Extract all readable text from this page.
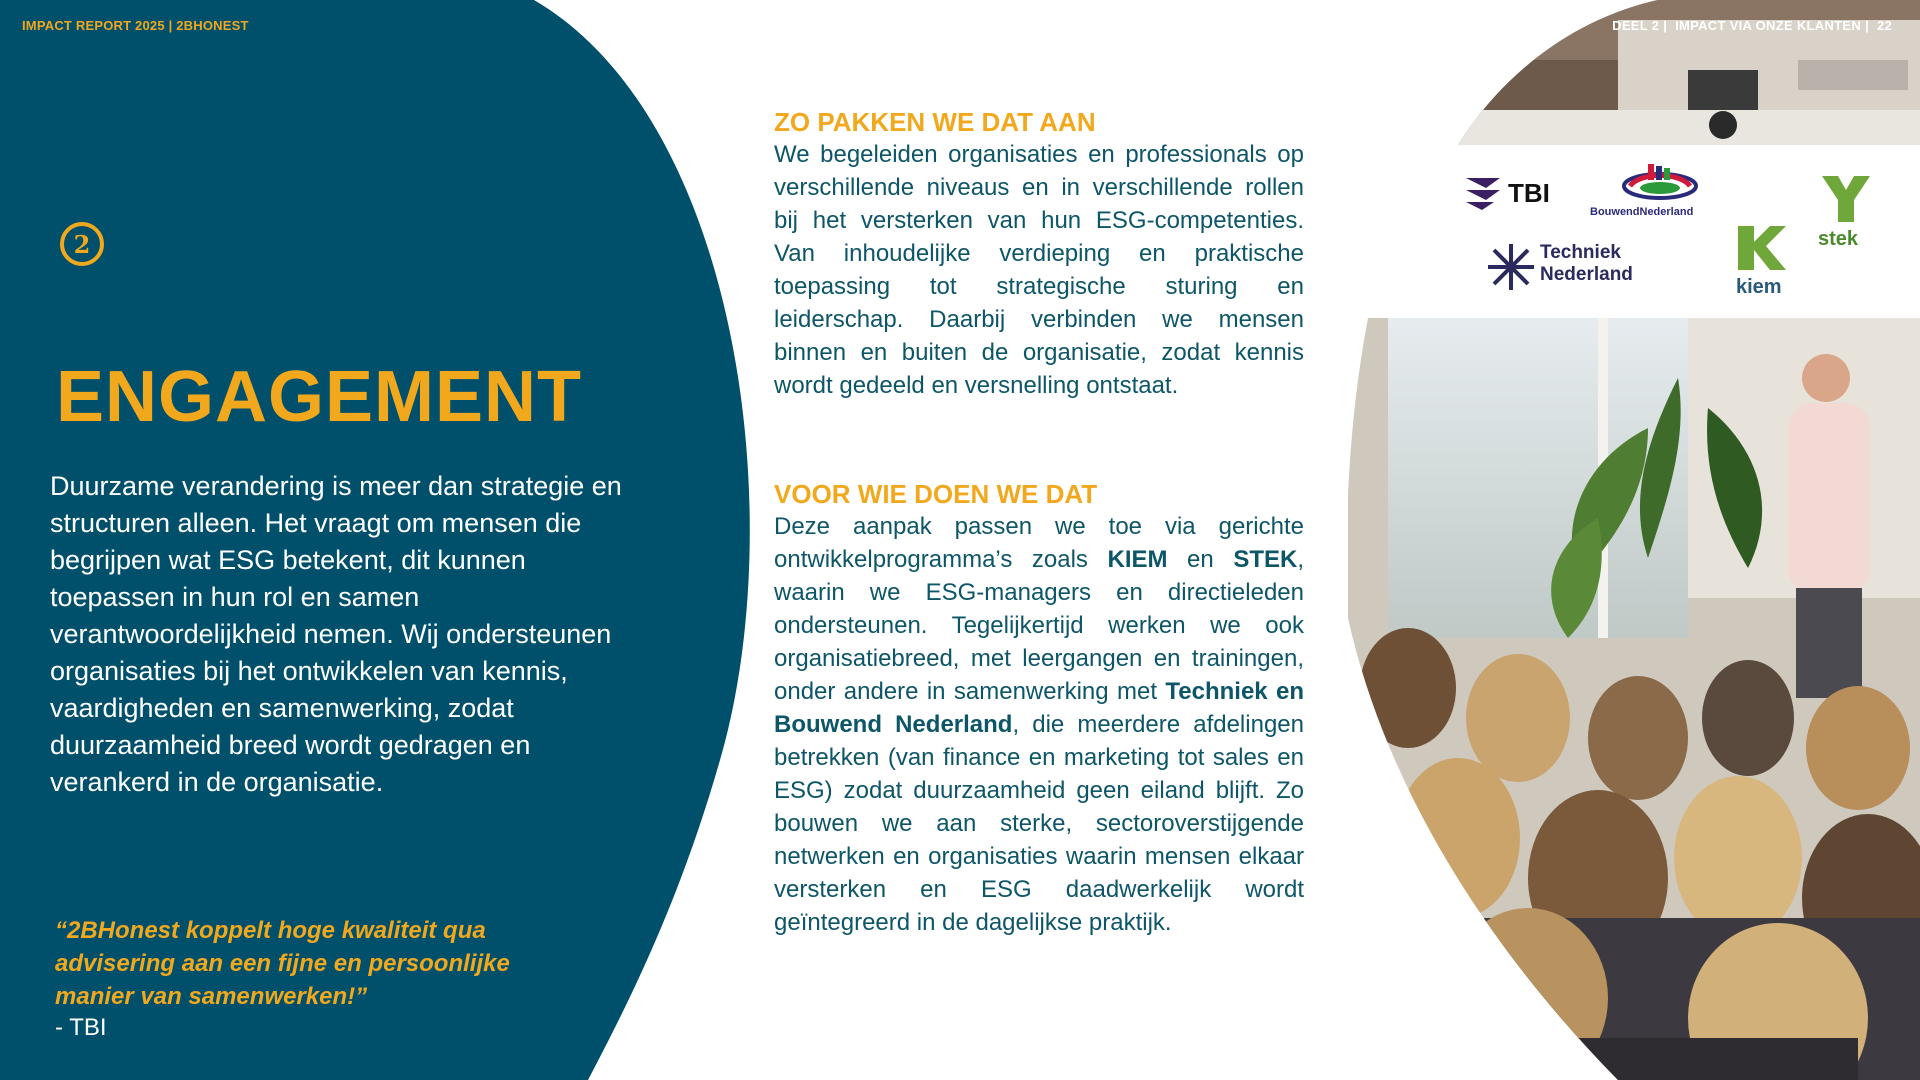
TBI
BouwendNederland
stek
Techniek
Nederland
kiem
IMPACT REPORT 2025 | 2BHONEST	DEEL 2 | IMPACT VIA ONZE KLANTEN | 22
2
ENGAGEMENT
Duurzame verandering is meer dan strategie en structuren alleen. Het vraagt om mensen die begrijpen wat ESG betekent, dit kunnen toepassen in hun rol en samen verantwoordelijkheid nemen. Wij ondersteunen organisaties bij het ontwikkelen van kennis, vaardigheden en samenwerking, zodat duurzaamheid breed wordt gedragen en verankerd in de organisatie.
“2BHonest koppelt hoge kwaliteit qua advisering aan een fijne en persoonlijke manier van samenwerken!”
- TBI
ZO PAKKEN WE DAT AAN

We begeleiden organisaties en professionals op verschillende niveaus en in verschillende rollen bij het versterken van hun ESG-competenties. Van inhoudelijke verdieping en praktische toepassing tot strategische sturing en leiderschap. Daarbij verbinden we mensen binnen en buiten de organisatie, zodat kennis wordt gedeeld en versnelling ontstaat.

VOOR WIE DOEN WE DAT

Deze aanpak passen we toe via gerichte ontwikkelprogramma’s zoals KIEM en STEK, waarin we ESG-managers en directieleden ondersteunen. Tegelijkertijd werken we ook organisatiebreed, met leergangen en trainingen, onder andere in samenwerking met Techniek en Bouwend Nederland, die meerdere afdelingen betrekken (van finance en marketing tot sales en ESG) zodat duurzaamheid geen eiland blijft. Zo bouwen we aan sterke, sectoroverstijgende netwerken en organisaties waarin mensen elkaar versterken en ESG daadwerkelijk wordt geïntegreerd in de dagelijkse praktijk.
